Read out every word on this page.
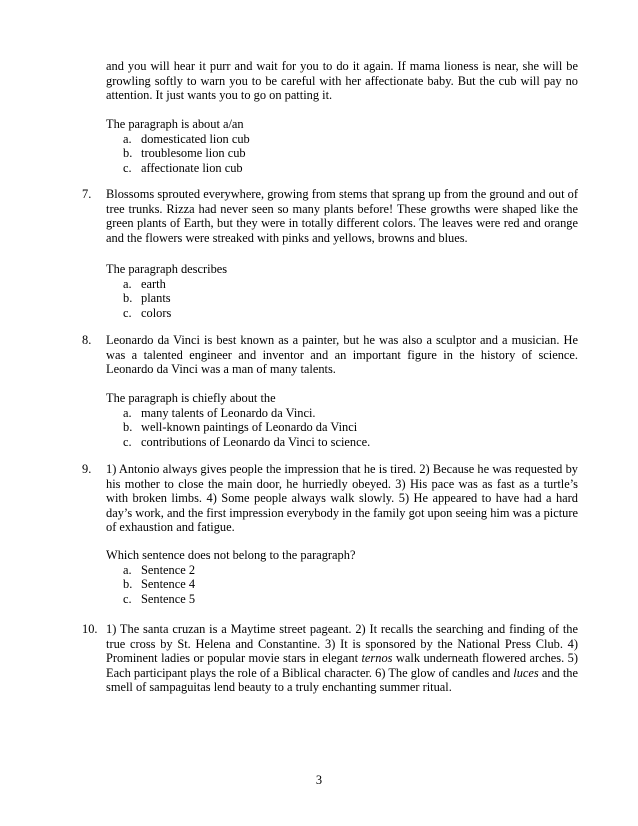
and you will hear it purr and wait for you to do it again. If mama lioness is near, she will be growling softly to warn you to be careful with her affectionate baby. But the cub will pay no attention. It just wants you to go on patting it.

The paragraph is about a/an

a. domesticated lion cub
b. troublesome lion cub
c. affectionate lion cub
7. Blossoms sprouted everywhere, growing from stems that sprang up from the ground and out of tree trunks. Rizza had never seen so many plants before! These growths were shaped like the green plants of Earth, but they were in totally different colors. The leaves were red and orange and the flowers were streaked with pinks and yellows, browns and blues.

The paragraph describes

a. earth
b. plants
c. colors
8. Leonardo da Vinci is best known as a painter, but he was also a sculptor and a musician. He was a talented engineer and inventor and an important figure in the history of science. Leonardo da Vinci was a man of many talents.

The paragraph is chiefly about the

a. many talents of Leonardo da Vinci.
b. well-known paintings of Leonardo da Vinci
c. contributions of Leonardo da Vinci to science.
9. 1) Antonio always gives people the impression that he is tired. 2) Because he was requested by his mother to close the main door, he hurriedly obeyed. 3) His pace was as fast as a turtle’s with broken limbs. 4) Some people always walk slowly. 5) He appeared to have had a hard day’s work, and the first impression everybody in the family got upon seeing him was a picture of exhaustion and fatigue.

Which sentence does not belong to the paragraph?

a. Sentence 2
b. Sentence 4
c. Sentence 5
10. 1) The santa cruzan is a Maytime street pageant. 2) It recalls the searching and finding of the true cross by St. Helena and Constantine. 3) It is sponsored by the National Press Club. 4) Prominent ladies or popular movie stars in elegant ternos walk underneath flowered arches. 5) Each participant plays the role of a Biblical character. 6) The glow of candles and luces and the smell of sampaguitas lend beauty to a truly enchanting summer ritual.

3
